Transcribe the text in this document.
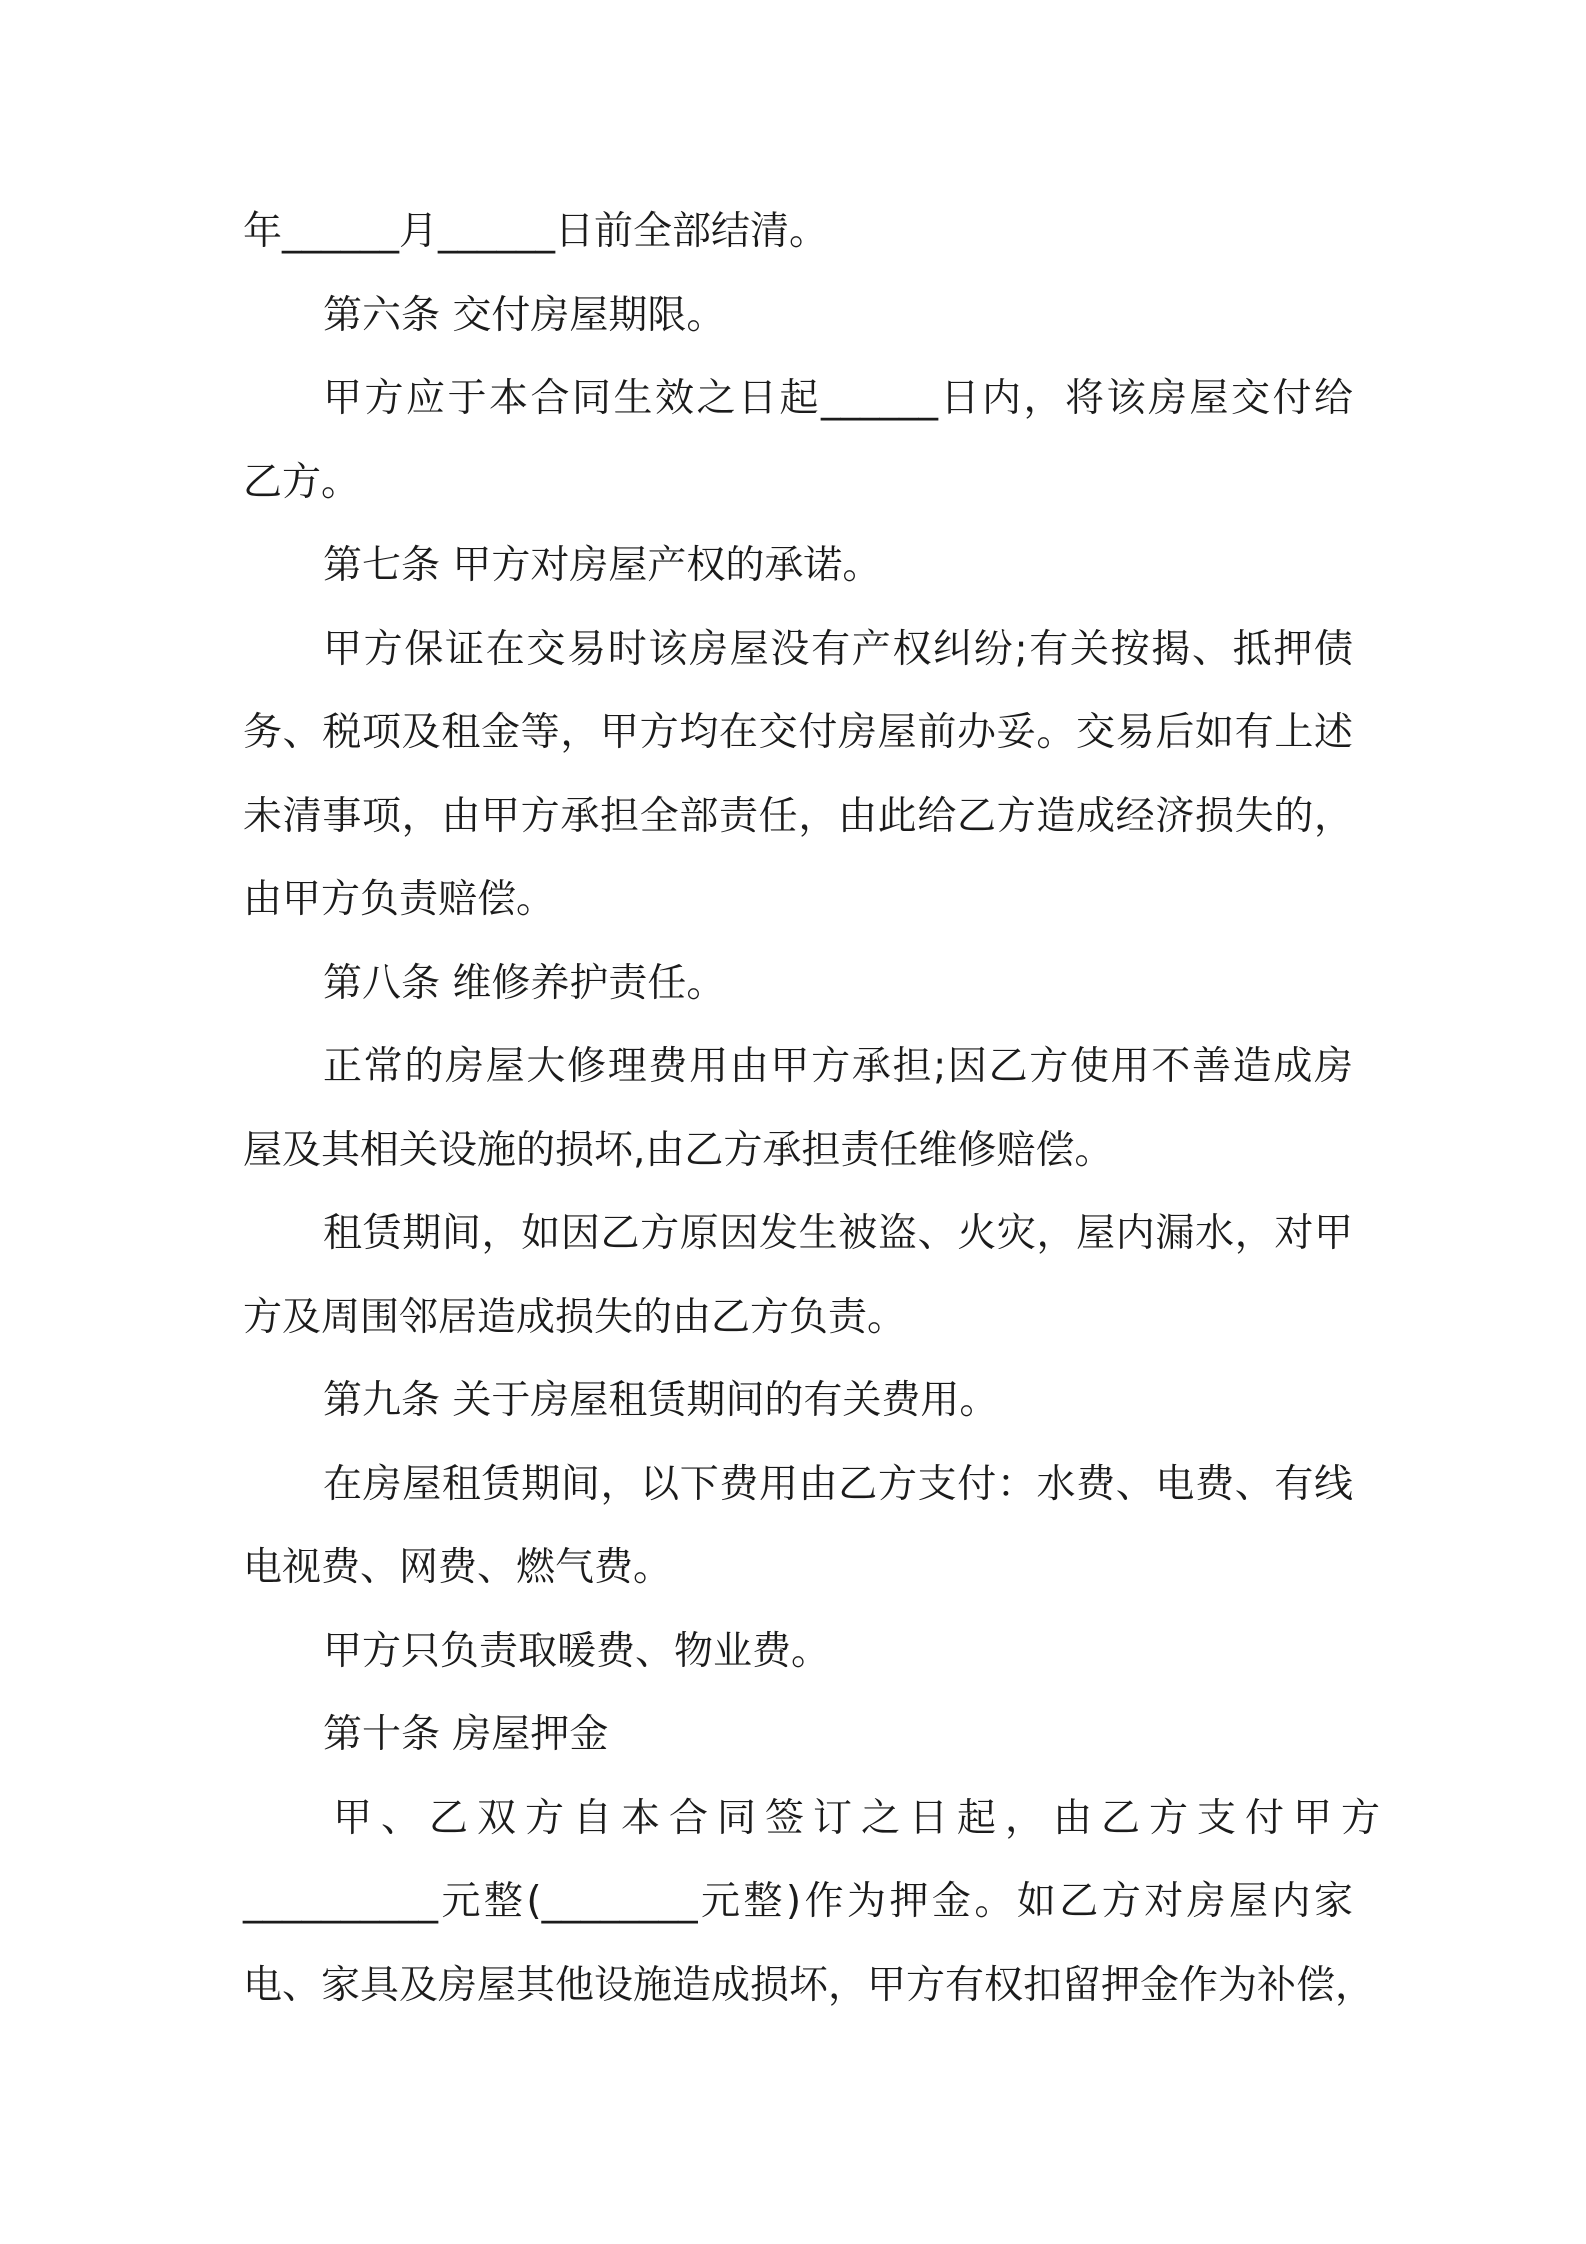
年______月______日前全部结清。
第六条 交付房屋期限。
甲方应于本合同生效之日起______日内，将该房屋交付给
乙方。
第七条 甲方对房屋产权的承诺。
甲方保证在交易时该房屋没有产权纠纷;有关按揭、抵押债
务、税项及租金等，甲方均在交付房屋前办妥。交易后如有上述
未清事项，由甲方承担全部责任，由此给乙方造成经济损失的，
由甲方负责赔偿。
第八条 维修养护责任。
正常的房屋大修理费用由甲方承担;因乙方使用不善造成房
屋及其相关设施的损坏,由乙方承担责任维修赔偿。
租赁期间，如因乙方原因发生被盗、火灾，屋内漏水，对甲
方及周围邻居造成损失的由乙方负责。
第九条 关于房屋租赁期间的有关费用。
在房屋租赁期间，以下费用由乙方支付：水费、电费、有线
电视费、网费、燃气费。
甲方只负责取暖费、物业费。
第十条 房屋押金
甲、乙双方自本合同签订之日起，由乙方支付甲方
__________元整(________元整)作为押金。如乙方对房屋内家
电、家具及房屋其他设施造成损坏，甲方有权扣留押金作为补偿，
